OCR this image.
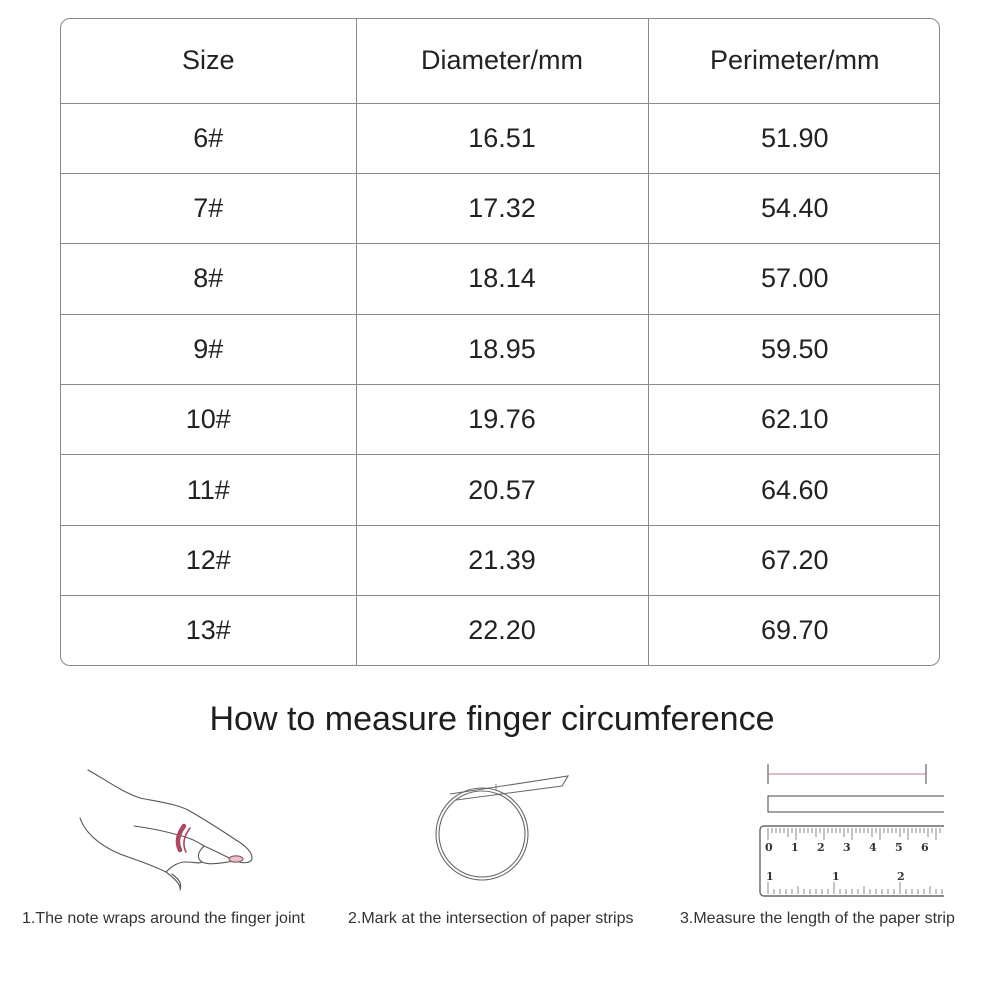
Size	Diameter/mm	Perimeter/mm
6#	16.51	51.90
7#	17.32	54.40
8#	18.14	57.00
9#	18.95	59.50
10#	19.76	62.10
11#	20.57	64.60
12#	21.39	67.20
13#	22.20	69.70
How to measure finger circumference
0 1 2 3 4 5 6
1	1	2
1.The note wraps around the finger joint	2.Mark at the intersection of paper strips	3.Measure the length of the paper strip
